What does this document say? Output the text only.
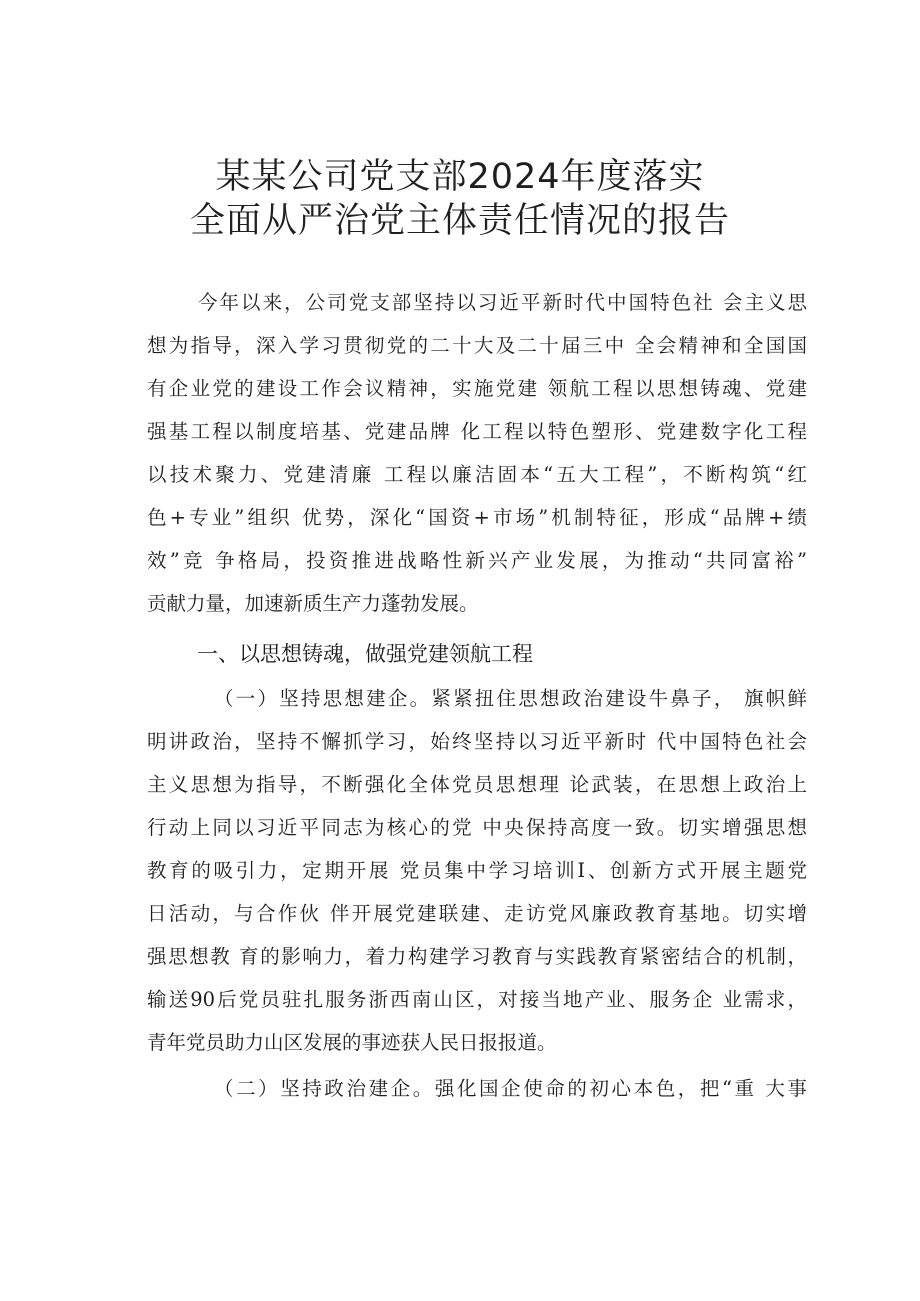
某某公司党支部2024年度落实
全面从严治党主体责任情况的报告
今年以来，公司党支部坚持以习近平新时代中国特色社 会主义思
想为指导，深入学习贯彻党的二十大及二十届三中 全会精神和全国国
有企业党的建设工作会议精神，实施党建 领航工程以思想铸魂、党建
强基工程以制度培基、党建品牌 化工程以特色塑形、党建数字化工程
以技术聚力、党建清廉 工程以廉洁固本“五大工程”，不断构筑“红
色+专业”组织 优势，深化“国资+市场”机制特征，形成“品牌+绩
效”竞 争格局，投资推进战略性新兴产业发展，为推动“共同富裕”
贡献力量，加速新质生产力蓬勃发展。
一、以思想铸魂，做强党建领航工程
（一）坚持思想建企。紧紧扭住思想政治建设牛鼻子， 旗帜鲜
明讲政治，坚持不懈抓学习，始终坚持以习近平新时 代中国特色社会
主义思想为指导，不断强化全体党员思想理 论武装，在思想上政治上
行动上同以习近平同志为核心的党 中央保持高度一致。切实增强思想
教育的吸引力，定期开展 党员集中学习培训Ⅰ、创新方式开展主题党
日活动，与合作伙 伴开展党建联建、走访党风廉政教育基地。切实增
强思想教 育的影响力，着力构建学习教育与实践教育紧密结合的机制，
输送90后党员驻扎服务浙西南山区，对接当地产业、服务企 业需求，
青年党员助力山区发展的事迹获人民日报报道。
（二）坚持政治建企。强化国企使命的初心本色，把“重 大事
